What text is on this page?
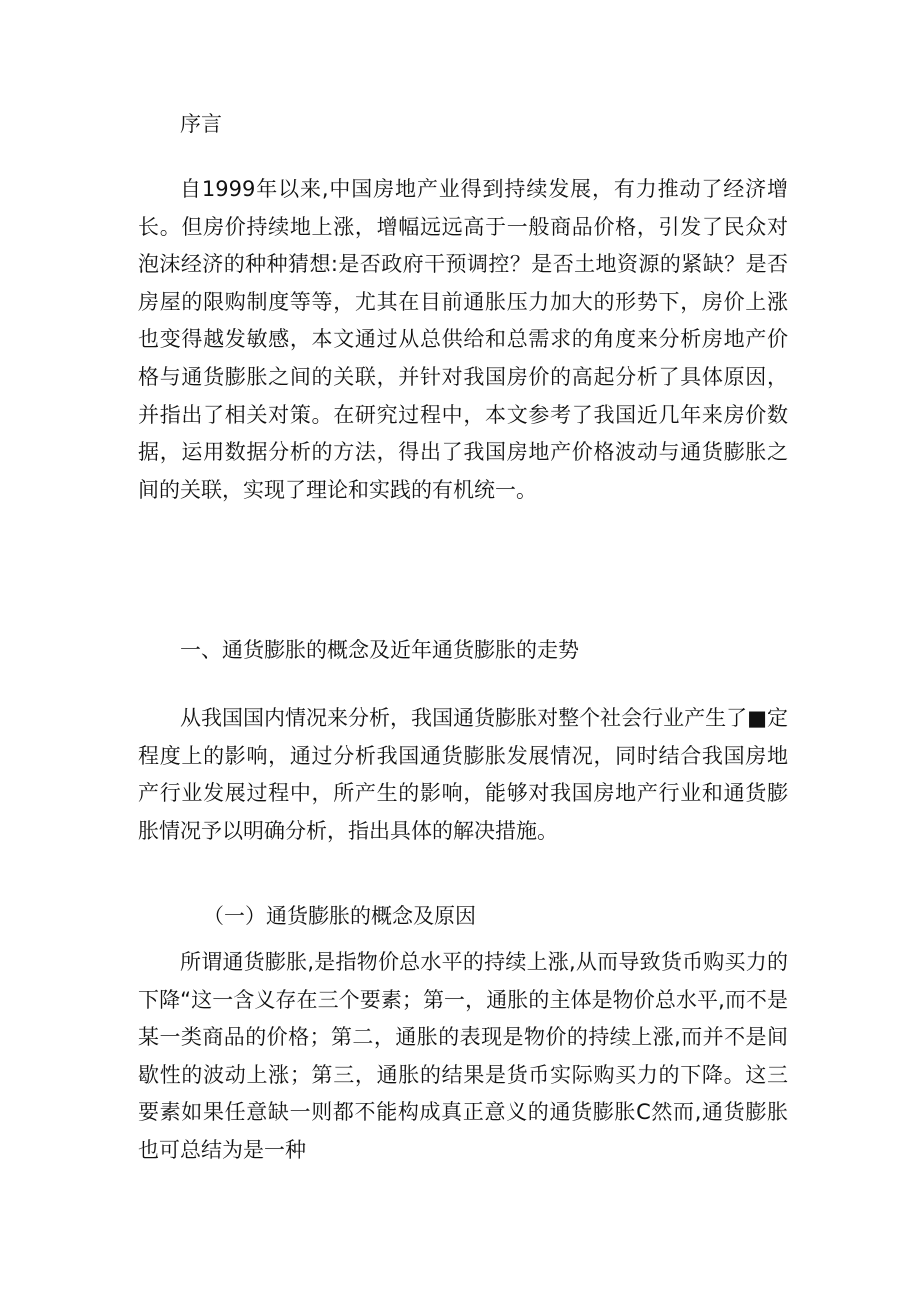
序言

自1999年以来,中国房地产业得到持续发展，有力推动了经济增长。但房价持续地上涨，增幅远远高于一般商品价格，引发了民众对泡沫经济的种种猜想:是否政府干预调控？是否土地资源的紧缺？是否房屋的限购制度等等，尤其在目前通胀压力加大的形势下，房价上涨也变得越发敏感，本文通过从总供给和总需求的角度来分析房地产价格与通货膨胀之间的关联，并针对我国房价的高起分析了具体原因，并指出了相关对策。在研究过程中，本文参考了我国近几年来房价数据，运用数据分析的方法，得出了我国房地产价格波动与通货膨胀之间的关联，实现了理论和实践的有机统一。

一、通货膨胀的概念及近年通货膨胀的走势

从我国国内情况来分析，我国通货膨胀对整个社会行业产生了■定程度上的影响，通过分析我国通货膨胀发展情况，同时结合我国房地产行业发展过程中，所产生的影响，能够对我国房地产行业和通货膨胀情况予以明确分析，指出具体的解决措施。

（一）通货膨胀的概念及原因

所谓通货膨胀,是指物价总水平的持续上涨,从而导致货币购买力的下降“这一含义存在三个要素；第一，通胀的主体是物价总水平,而不是某一类商品的价格；第二，通胀的表现是物价的持续上涨,而并不是间歇性的波动上涨；第三，通胀的结果是货币实际购买力的下降。这三要素如果任意缺一则都不能构成真正意义的通货膨胀C然而,通货膨胀也可总结为是一种
